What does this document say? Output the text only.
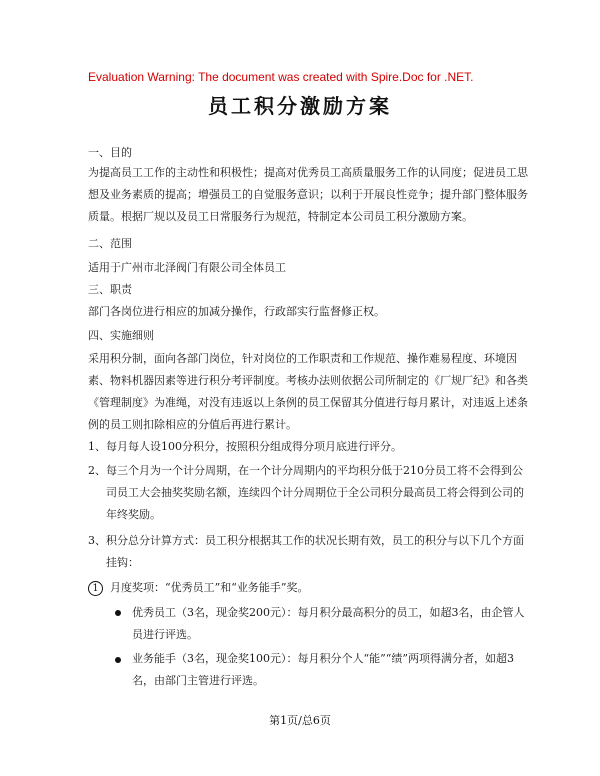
Evaluation Warning: The document was created with Spire.Doc for .NET.
员工积分激励方案
一、目的
为提高员工工作的主动性和积极性；提高对优秀员工高质量服务工作的认同度；促进员工思想及业务素质的提高；增强员工的自觉服务意识；以利于开展良性竞争；提升部门整体服务质量。根据厂规以及员工日常服务行为规范，特制定本公司员工积分激励方案。
二、范围
适用于广州市北泽阀门有限公司全体员工
三、职责
部门各岗位进行相应的加减分操作，行政部实行监督修正权。
四、实施细则
采用积分制，面向各部门岗位，针对岗位的工作职责和工作规范、操作难易程度、环境因素、物料机器因素等进行积分考评制度。考核办法则依据公司所制定的《厂规厂纪》和各类《管理制度》为准绳，对没有违返以上条例的员工保留其分值进行每月累计，对违返上述条例的员工则扣除相应的分值后再进行累计。
1、 每月每人设100分积分，按照积分组成得分项月底进行评分。
2、 每三个月为一个计分周期，在一个计分周期内的平均积分低于210分员工将不会得到公司员工大会抽奖奖励名额，连续四个计分周期位于全公司积分最高员工将会得到公司的年终奖励。
3、 积分总分计算方式：员工积分根据其工作的状况长期有效，员工的积分与以下几个方面挂钩：
1	月度奖项：“优秀员工”和“业务能手”奖。
优秀员工（3名，现金奖200元）：每月积分最高积分的员工，如超3名，由企管人员进行评选。
业务能手（3名，现金奖100元）：每月积分个人“能”“绩”两项得满分者，如超3名，由部门主管进行评选。
第1页/总6页
